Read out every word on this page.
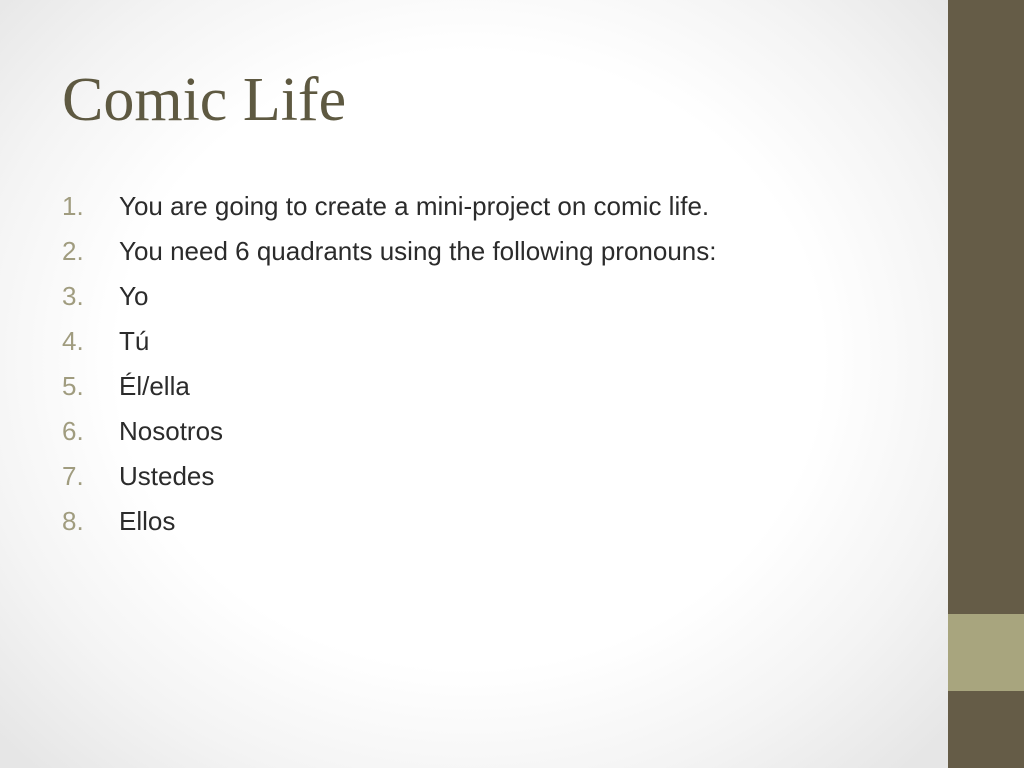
Comic Life
1. You are going to create a mini-project on comic life.
2. You need 6 quadrants using the following pronouns:
3. Yo
4. Tú
5. Él/ella
6. Nosotros
7. Ustedes
8. Ellos
